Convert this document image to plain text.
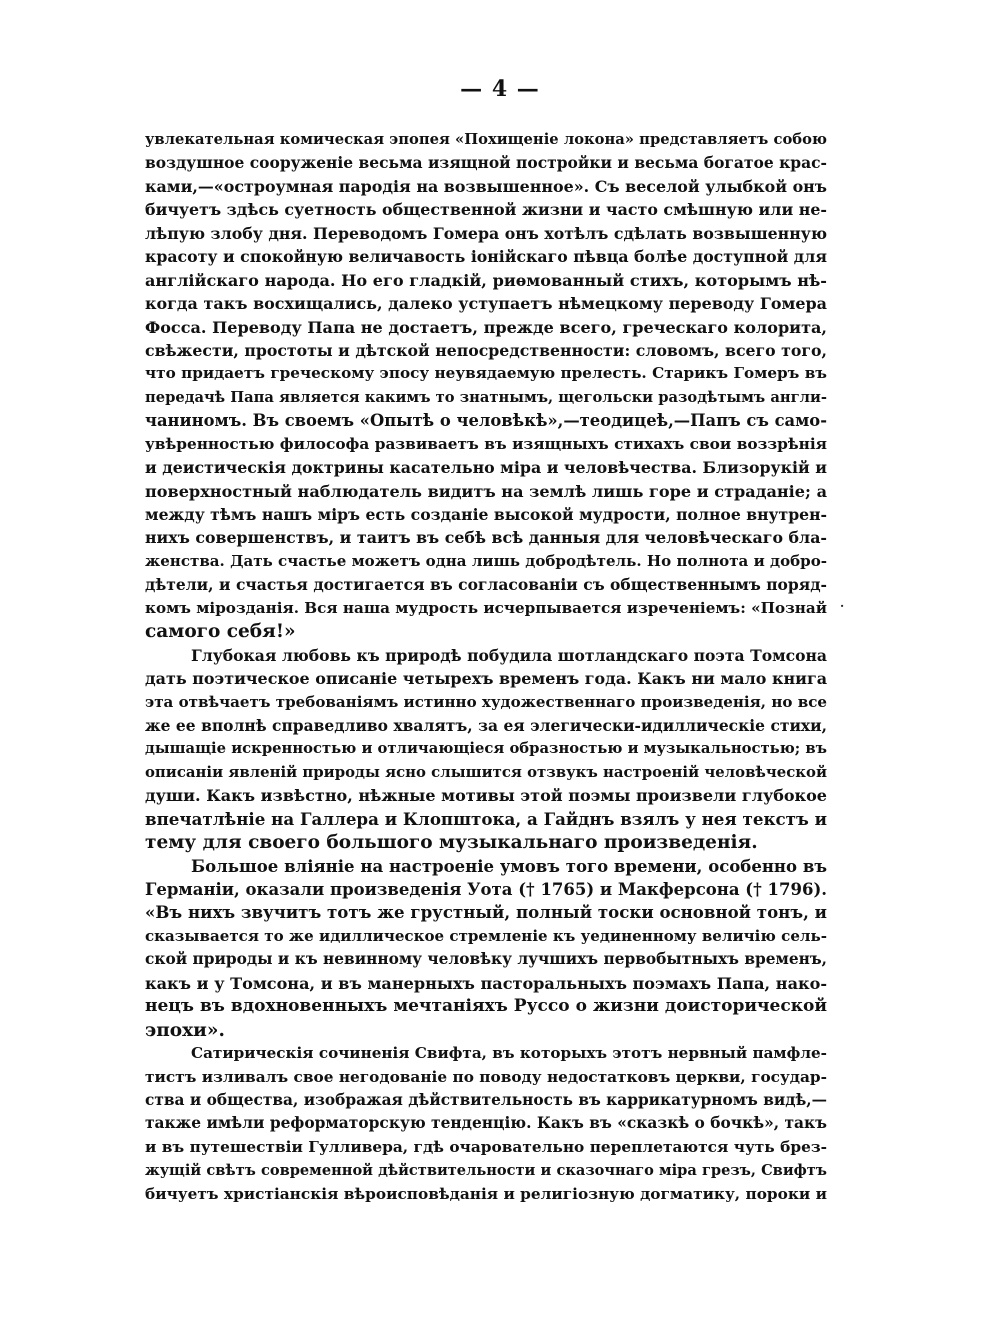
— 4 —
увлекательная комическая эпопея «Похищеніе локона» представляетъ собою
воздушное сооруженіе весьма изящной постройки и весьма богатое крас-
ками,—«остроумная пародія на возвышенное». Съ веселой улыбкой онъ
бичуетъ здѣсь суетность общественной жизни и часто смѣшную или не-
лѣпую злобу дня. Переводомъ Гомера онъ хотѣлъ сдѣлать возвышенную
красоту и спокойную величавость іонійскаго пѣвца болѣе доступной для
англійскаго народа. Но его гладкій, риѳмованный стихъ, которымъ нѣ-
когда такъ восхищались, далеко уступаетъ нѣмецкому переводу Гомера
Фосса. Переводу Папа не достаетъ, прежде всего, греческаго колорита,
свѣжести, простоты и дѣтской непосредственности: словомъ, всего того,
что придаетъ греческому эпосу неувядаемую прелесть. Старикъ Гомеръ въ
передачѣ Папа является какимъ то знатнымъ, щегольски разодѣтымъ англи-
чаниномъ. Въ своемъ «Опытѣ о человѣкѣ»,—теодицеѣ,—Папъ съ само-
увѣренностью философа развиваетъ въ изящныхъ стихахъ свои воззрѣнія
и деистическія доктрины касательно міра и человѣчества. Близорукій и
поверхностный наблюдатель видитъ на землѣ лишь горе и страданіе; а
между тѣмъ нашъ міръ есть созданіе высокой мудрости, полное внутрен-
нихъ совершенствъ, и таитъ въ себѣ всѣ данныя для человѣческаго бла-
женства. Дать счастье можетъ одна лишь добродѣтель. Но полнота и добро-
дѣтели, и счастья достигается въ согласованіи съ общественнымъ поряд-
комъ мірозданія. Вся наша мудрость исчерпывается изреченіемъ: «Познай
самого себя!»
Глубокая любовь къ природѣ побудила шотландскаго поэта Томсона
дать поэтическое описаніе четырехъ временъ года. Какъ ни мало книга
эта отвѣчаетъ требованіямъ истинно художественнаго произведенія, но все
же ее вполнѣ справедливо хвалятъ, за ея элегически-идиллическіе стихи,
дышащіе искренностью и отличающіеся образностью и музыкальностью; въ
описаніи явленій природы ясно слышится отзвукъ настроеній человѣческой
души. Какъ извѣстно, нѣжные мотивы этой поэмы произвели глубокое
впечатлѣніе на Галлера и Клопштока, а Гайднъ взялъ у нея текстъ и
тему для своего большого музыкальнаго произведенія.
Большое вліяніе на настроеніе умовъ того времени, особенно въ
Германіи, оказали произведенія Уота († 1765) и Макферсона († 1796).
«Въ нихъ звучитъ тотъ же грустный, полный тоски основной тонъ, и
сказывается то же идиллическое стремленіе къ уединенному величію сель-
ской природы и къ невинному человѣку лучшихъ первобытныхъ временъ,
какъ и у Томсона, и въ манерныхъ пасторальныхъ поэмахъ Папа, нако-
нецъ въ вдохновенныхъ мечтаніяхъ Руссо о жизни доисторической
эпохи».
Сатирическія сочиненія Свифта, въ которыхъ этотъ нервный памфле-
тистъ изливалъ свое негодованіе по поводу недостатковъ церкви, государ-
ства и общества, изображая дѣйствительность въ каррикатурномъ видѣ,—
также имѣли реформаторскую тенденцію. Какъ въ «сказкѣ о бочкѣ», такъ
и въ путешествіи Гулливера, гдѣ очаровательно переплетаются чуть брез-
жущій свѣтъ современной дѣйствительности и сказочнаго міра грезъ, Свифтъ
бичуетъ христіанскія вѣроисповѣданія и религіозную догматику, пороки и
.
